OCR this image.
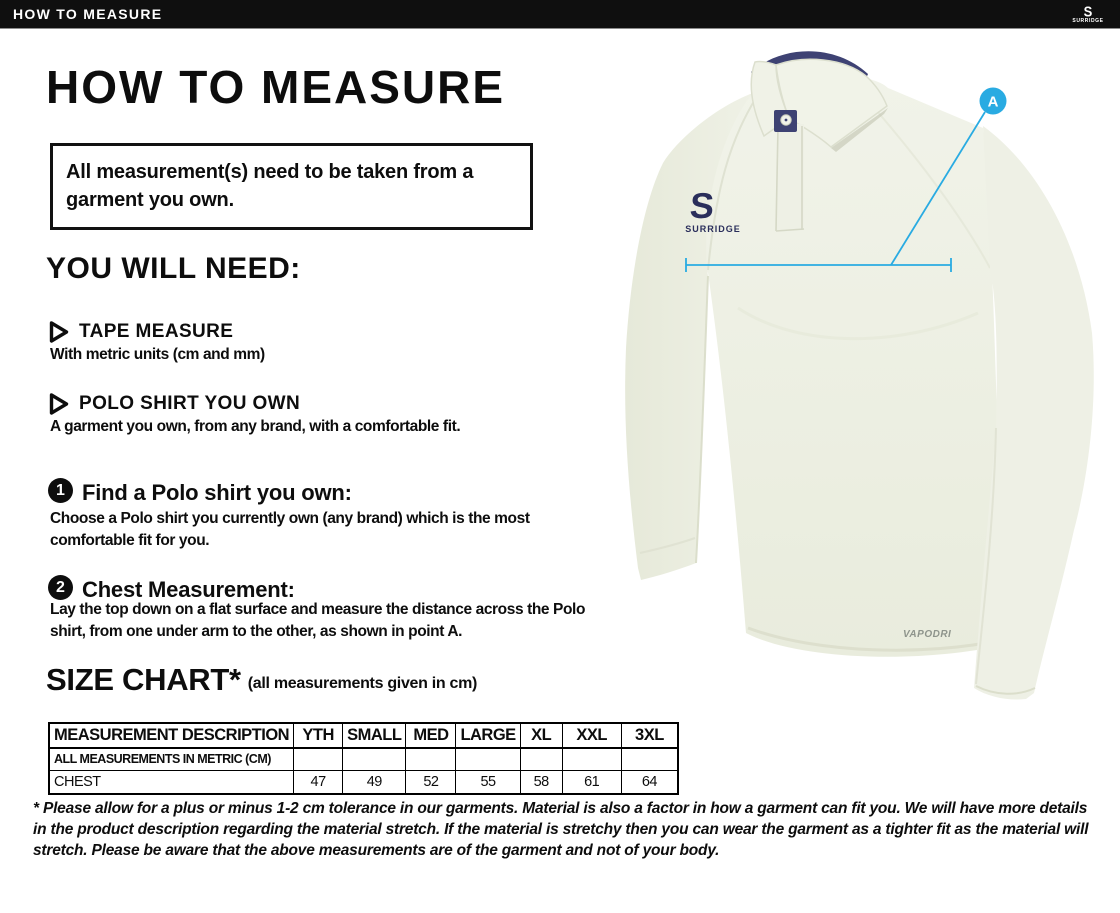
HOW TO MEASURE	S
SURRIDGE
HOW TO MEASURE

All measurement(s) need to be taken from a garment you own.

YOU WILL NEED:
TAPE MEASURE
With metric units (cm and mm)
POLO SHIRT YOU OWN
A garment you own, from any brand, with a comfortable fit.
1 Find a Polo shirt you own:
Choose a Polo shirt you currently own (any brand) which is the most comfortable fit for you.
2 Chest Measurement:
Lay the top down on a flat surface and measure the distance across the Polo shirt, from one under arm to the other, as shown in point A.
SIZE CHART* (all measurements given in cm)
MEASUREMENT DESCRIPTION	YTH	SMALL	MED	LARGE	XL	XXL	3XL
ALL MEASUREMENTS IN METRIC (CM)							
CHEST	47	49	52	55	58	61	64
* Please allow for a plus or minus 1-2 cm tolerance in our garments. Material is also a factor in how a garment can fit you. We will have more details in the product description regarding the material stretch. If the material is stretchy then you can wear the garment as a tighter fit as the material will stretch. Please be aware that the above measurements are of the garment and not of your body.
S
SURRIDGE
VAPODRI
A
